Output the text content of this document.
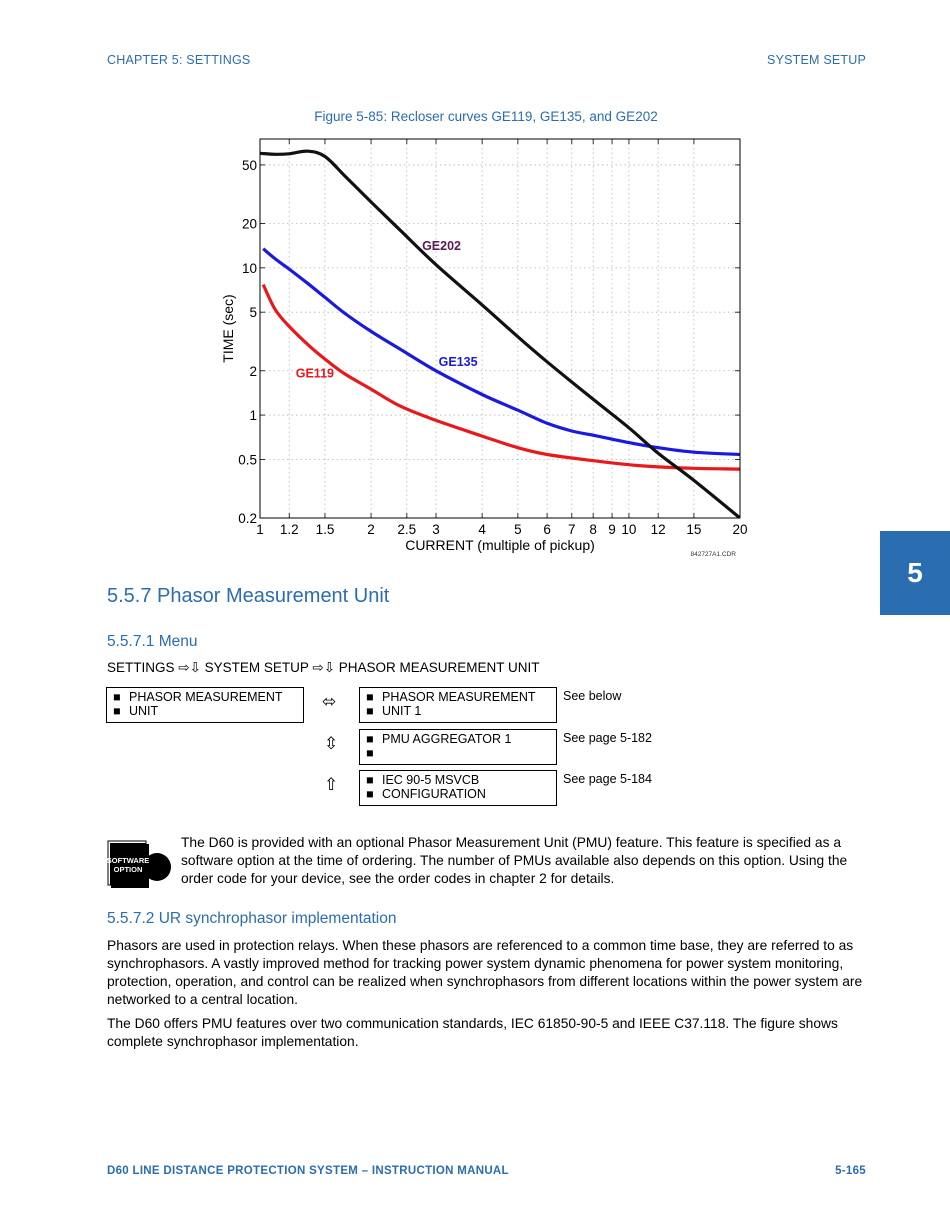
CHAPTER 5: SETTINGS	SYSTEM SETUP
Figure 5-85: Recloser curves GE119, GE135, and GE202
1 1.2 1.5 2 2.5 3	4 5 6 7 8 9 10 12 15 20
0.2
0.5
1
2
5
10
20
50
GE202
GE135
GE119
CURRENT (multiple of pickup)
TIME (sec)
842727A1.CDR
5
5.5.7 Phasor Measurement Unit
5.5.7.1 Menu
SETTINGS ⇨⇩ SYSTEM SETUP ⇨⇩ PHASOR MEASUREMENT UNIT
■ PHASOR MEASUREMENT
■ UNIT	⬄ ■ PHASOR MEASUREMENT
■ UNIT 1
See below
⇳ ■ PMU AGGREGATOR 1
■
See page 5-182
⇧ ■ IEC 90-5 MSVCB
■ CONFIGURATION
See page 5-184
SOFTWARE
OPTION
The D60 is provided with an optional Phasor Measurement Unit (PMU) feature. This feature is specified as a software option at the time of ordering. The number of PMUs available also depends on this option. Using the order code for your device, see the order codes in chapter 2 for details.
5.5.7.2 UR synchrophasor implementation
Phasors are used in protection relays. When these phasors are referenced to a common time base, they are referred to as synchrophasors. A vastly improved method for tracking power system dynamic phenomena for power system monitoring, protection, operation, and control can be realized when synchrophasors from different locations within the power system are networked to a central location.
The D60 offers PMU features over two communication standards, IEC 61850-90-5 and IEEE C37.118. The figure shows complete synchrophasor implementation.
D60 LINE DISTANCE PROTECTION SYSTEM – INSTRUCTION MANUAL	5-165
